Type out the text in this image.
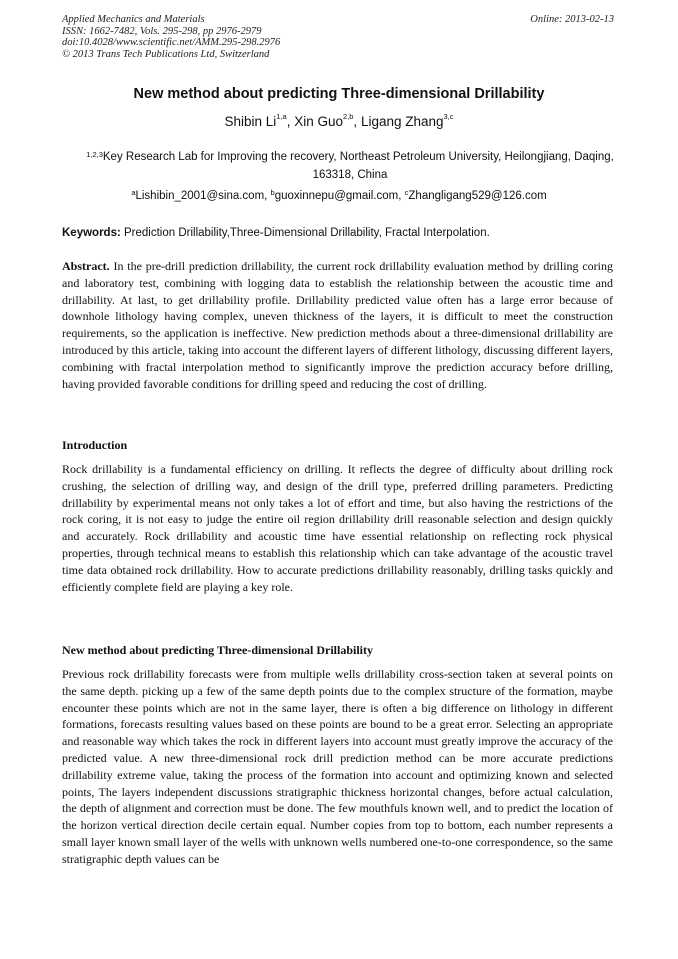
Applied Mechanics and Materials
ISSN: 1662-7482, Vols. 295-298, pp 2976-2979
doi:10.4028/www.scientific.net/AMM.295-298.2976
© 2013 Trans Tech Publications Ltd, Switzerland
Online: 2013-02-13
New method about predicting Three-dimensional Drillability
Shibin Li$^{1,a}$, Xin Guo$^{2,b}$, Ligang Zhang$^{3,c}$
$^{1,2,3}$Key Research Lab for Improving the recovery, Northeast Petroleum University, Heilongjiang, Daqing, 163318, China
$^a$Lishibin_2001@sina.com, $^b$guoxinnepu@gmail.com, $^c$Zhangligang529@126.com
Keywords: Prediction Drillability,Three-Dimensional Drillability, Fractal Interpolation.
Abstract. In the pre-drill prediction drillability, the current rock drillability evaluation method by drilling coring and laboratory test, combining with logging data to establish the relationship between the acoustic time and drillability. At last, to get drillability profile. Drillability predicted value often has a large error because of downhole lithology having complex, uneven thickness of the layers, it is difficult to meet the construction requirements, so the application is ineffective. New prediction methods about a three-dimensional drillability are introduced by this article, taking into account the different layers of different lithology, discussing different layers, combining with fractal interpolation method to significantly improve the prediction accuracy before drilling, having provided favorable conditions for drilling speed and reducing the cost of drilling.
Introduction
Rock drillability is a fundamental efficiency on drilling. It reflects the degree of difficulty about drilling rock crushing, the selection of drilling way, and design of the drill type, preferred drilling parameters. Predicting drillability by experimental means not only takes a lot of effort and time, but also having the restrictions of the rock coring, it is not easy to judge the entire oil region drillability drill reasonable selection and design quickly and accurately. Rock drillability and acoustic time have essential relationship on reflecting rock physical properties, through technical means to establish this relationship which can take advantage of the acoustic travel time data obtained rock drillability. How to accurate predictions drillability reasonably, drilling tasks quickly and efficiently complete field are playing a key role.
New method about predicting Three-dimensional Drillability
Previous rock drillability forecasts were from multiple wells drillability cross-section taken at several points on the same depth. picking up a few of the same depth points due to the complex structure of the formation, maybe encounter these points which are not in the same layer, there is often a big difference on lithology in different formations, forecasts resulting values based on these points are bound to be a great error. Selecting an appropriate and reasonable way which takes the rock in different layers into account must greatly improve the accuracy of the predicted value. A new three-dimensional rock drill prediction method can be more accurate predictions drillability extreme value, taking the process of the formation into account and optimizing known and selected points, The layers independent discussions stratigraphic thickness horizontal changes, before actual calculation, the depth of alignment and correction must be done. The few mouthfuls known well, and to predict the location of the horizon vertical direction decile certain equal. Number copies from top to bottom, each number represents a small layer known small layer of the wells with unknown wells numbered one-to-one correspondence, so the same stratigraphic depth values can be
